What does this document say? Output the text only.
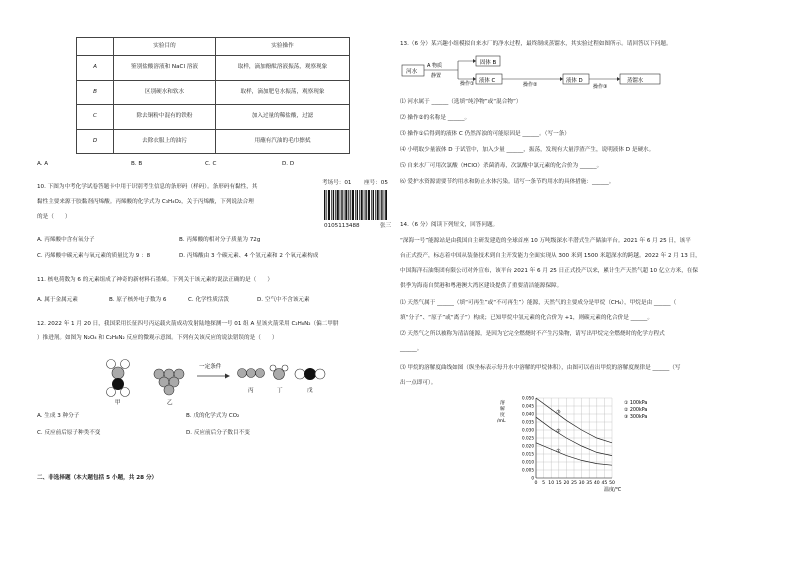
	实验目的	实验操作
A	鉴别盐酸溶液和 NaCl 溶液	取样，滴加酚酞溶液振荡，观察现象
B	区别硬水和软水	取样，滴加肥皂水振荡，观察现象
C	除去铜粉中混有的铁粉	加入过量的稀盐酸，过滤
D	去除衣服上的油污	用蘸有汽油的毛巾擦拭
A. A	B. B	C. C	D. D
10. 下图为中考化学试卷答题卡中用于识别考生信息的条形码（样码）。条形码有黏性，其
黏性主要来源于胶黏剂丙烯酸。丙烯酸的化学式为 C₃H₄O₂，关于丙烯酸，下列说法合理
的是（　　）
考场号：01 座号：05
01051134​88	张三
A. 丙烯酸中含有氧分子	B. 丙烯酸的相对分子质量为 72g
C. 丙烯酸中碳元素与氧元素的质量比为 9 ：8	D. 丙烯酸由 3 个碳元素、4 个氢元素和 2 个氧元素构成
11. 核电荷数为 6 的元素组成了神奇的新材料石墨烯。下列关于该元素的说法正确的是（　　）
A. 属于金属元素	B. 原子核外电子数为 6	C. 化学性质活泼	D. 空气中不含该元素
12. 2022 年 1 月 20 日，我国采用长征四号丙运载火箭成功发射陆地探测一号 01 组 A 星该火箭采用 C₂H₈N₂（偏二甲肼
）推进剂。如图为 N₂O₄ 和 C₂H₈N₂ 反应的微观示意图。下列有关该反应的说法错误的是（　　）
甲	乙
一定条件
丙	丁	戊
A. 生成 3 种分子	B. 戊的化学式为 CO₂
C. 反应前后原子种类不变	D. 反应前后分子数目不变
二、非选择题（本大题包括 5 小题，共 28 分）
13.（6 分）某兴趣小组模拟自来水厂的净水过程，最终制成蒸馏水，其实验过程如图所示。请回答以下问题。
河水
A 物质
静置
操作①
固体 B
液体 C
操作②
液体 D
操作③
蒸馏水
⑴ 河水属于 ______（选填“纯净物”或“混合物”）
⑵ 操作②的名称是 ______。
⑶ 操作①后得到的液体 C 仍然浑浊的可能原因是 ______。（写一条）
⑷ 小明取少量液体 D 于试管中，加入少量 ______，振荡，发现有大量浮渣产生，说明液体 D 是硬水。
⑸ 自来水厂可用次氯酸（HClO）杀菌消毒，次氯酸中氯元素的化合价为 ______。
⑹ 爱护水资源需要节约用水和防止水体污染。请写一条节约用水的具体措施：______。
14.（6 分）阅读下列短文，回答问题。
“深海一号”能源站是由我国自主研发建造的全球首座 10 万吨级深水半潜式生产储油平台。2021 年 6 月 25 日，该平
台正式投产，标志着中国从装备技术到自主开发能力全面实现从 300 米到 1500 米超深水的跨越。2022 年 2 月 13 日，
中国海洋石油集团有限公司对外宣布，该平台 2021 年 6 月 25 日正式投产以来，累计生产天然气超 10 亿立方米，在保
供季为海南自贸港和粤港澳大湾区建设提供了重要清洁能源保障。
⑴ 天然气属于 ______（填“可再生”或“不可再生”）能源，天然气的主要成分是甲烷（CH₄），甲烷是由 ______（
填“分子”、“原子”或“离子”）构成；已知甲烷中氢元素的化合价为 +1，则碳元素的化合价是 ______。
⑵ 天然气之所以被称为清洁能源，是因为它完全燃烧时不产生污染物，请写出甲烷完全燃烧时的化学方程式
______。
⑶ 甲烷的溶解度曲线如图（纵坐标表示每升水中溶解的甲烷体积），由图可以看出甲烷的溶解度规律是 ______（写
出一点即可）。
0 5 10 15 20 25 30 35 40 45 50
0
0.005
0.010
0.015
0.020
0.025
0.030
0.035
0.040
0.045
0.050
溶
解
度
/mL
温度/℃
①
① 100kPa
②
② 200kPa
③
③ 300kPa
